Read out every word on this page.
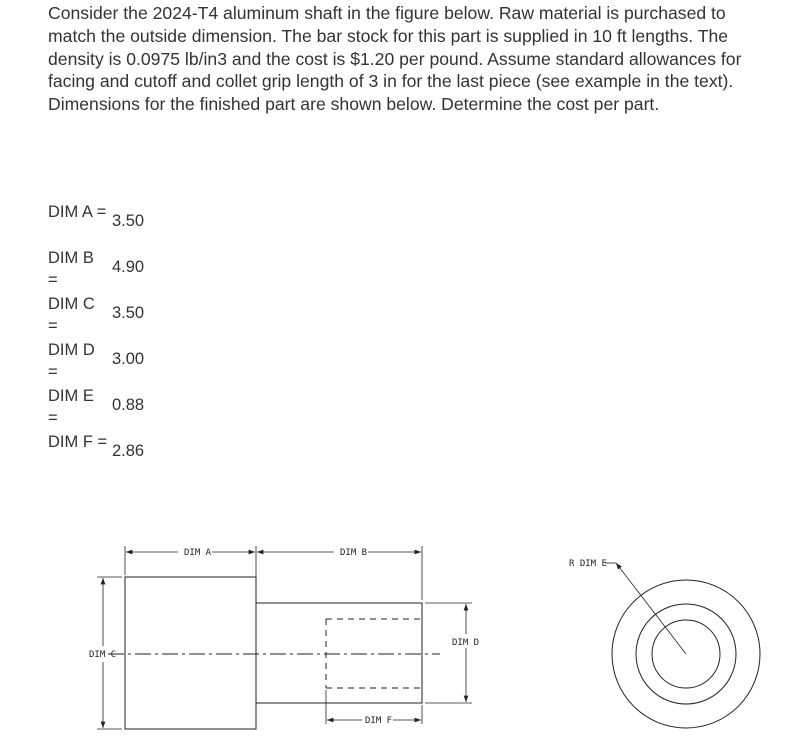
Consider the 2024-T4 aluminum shaft in the figure below. Raw material is purchased to match the outside dimension. The bar stock for this part is supplied in 10 ft lengths. The density is 0.0975 lb/in3 and the cost is $1.20 per pound. Assume standard allowances for facing and cutoff and collet grip length of 3 in for the last piece (see example in the text). Dimensions for the finished part are shown below. Determine the cost per part.

DIM A = 3.50
DIM B =
4.90
DIM C =
3.50
DIM D =
3.00
DIM E =
0.88
DIM F = 2.86
DIM A	DIM B
DIM C
DIM D
DIM F
R DIM E
